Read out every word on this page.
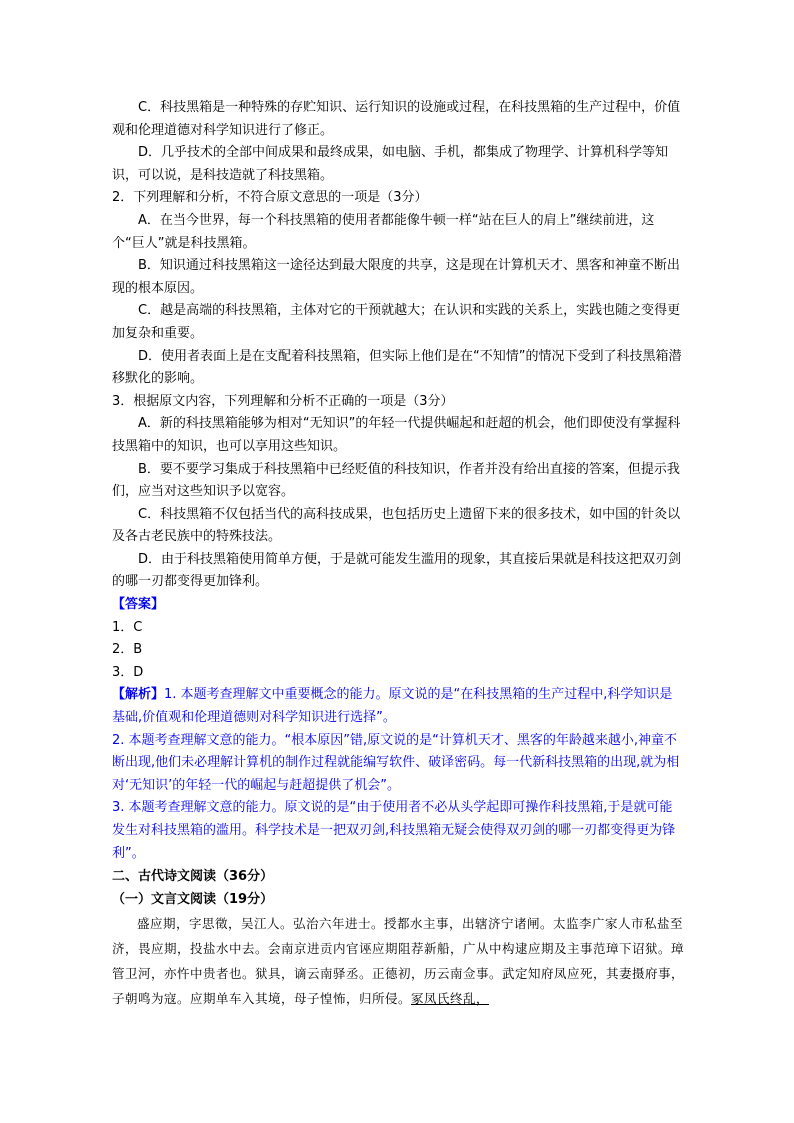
C．科技黑箱是一种特殊的存贮知识、运行知识的设施或过程，在科技黑箱的生产过程中，价值观和伦理道德对科学知识进行了修正。

D．几乎技术的全部中间成果和最终成果，如电脑、手机，都集成了物理学、计算机科学等知识，可以说，是科技造就了科技黑箱。

2．下列理解和分析，不符合原文意思的一项是（3分）

A．在当今世界，每一个科技黑箱的使用者都能像牛顿一样“站在巨人的肩上”继续前进，这个“巨人”就是科技黑箱。

B．知识通过科技黑箱这一途径达到最大限度的共享，这是现在计算机天才、黑客和神童不断出现的根本原因。

C．越是高端的科技黑箱，主体对它的干预就越大；在认识和实践的关系上，实践也随之变得更加复杂和重要。

D．使用者表面上是在支配着科技黑箱，但实际上他们是在“不知情”的情况下受到了科技黑箱潜移默化的影响。

3．根据原文内容，下列理解和分析不正确的一项是（3分）

A．新的科技黑箱能够为相对“无知识”的年轻一代提供崛起和赶超的机会，他们即使没有掌握科技黑箱中的知识，也可以享用这些知识。

B．要不要学习集成于科技黑箱中已经贬值的科技知识，作者并没有给出直接的答案，但提示我们，应当对这些知识予以宽容。

C．科技黑箱不仅包括当代的高科技成果，也包括历史上遗留下来的很多技术，如中国的针灸以及各古老民族中的特殊技法。

D．由于科技黑箱使用简单方便，于是就可能发生滥用的现象，其直接后果就是科技这把双刃剑的哪一刃都变得更加锋利。

【答案】

1．C

2．B

3．D

【解析】1. 本题考查理解文中重要概念的能力。原文说的是“在科技黑箱的生产过程中,科学知识是基础,价值观和伦理道德则对科学知识进行选择”。

2. 本题考查理解文意的能力。“根本原因”错,原文说的是“计算机天才、黑客的年龄越来越小,神童不断出现,他们未必理解计算机的制作过程就能编写软件、破译密码。每一代新科技黑箱的出现,就为相对‘无知识’的年轻一代的崛起与赶超提供了机会”。

3. 本题考查理解文意的能力。原文说的是“由于使用者不必从头学起即可操作科技黑箱,于是就可能发生对科技黑箱的滥用。科学技术是一把双刃剑,科技黑箱无疑会使得双刃剑的哪一刃都变得更为锋利”。

二、古代诗文阅读（36分）

（一）文言文阅读（19分）

盛应期，字思徵，吴江人。弘治六年进士。授都水主事，出辖济宁诸闸。太监李广家人市私盐至济，畏应期，投盐水中去。会南京进贡内官诬应期阻荐新船，广从中构逮应期及主事范璋下诏狱。璋管卫河，亦忤中贵者也。狱具，谪云南驿丞。正德初，历云南佥事。武定知府凤应死，其妻摄府事，子朝鸣为寇。应期单车入其境，母子惶怖，归所侵。冢凤氏终乱，
